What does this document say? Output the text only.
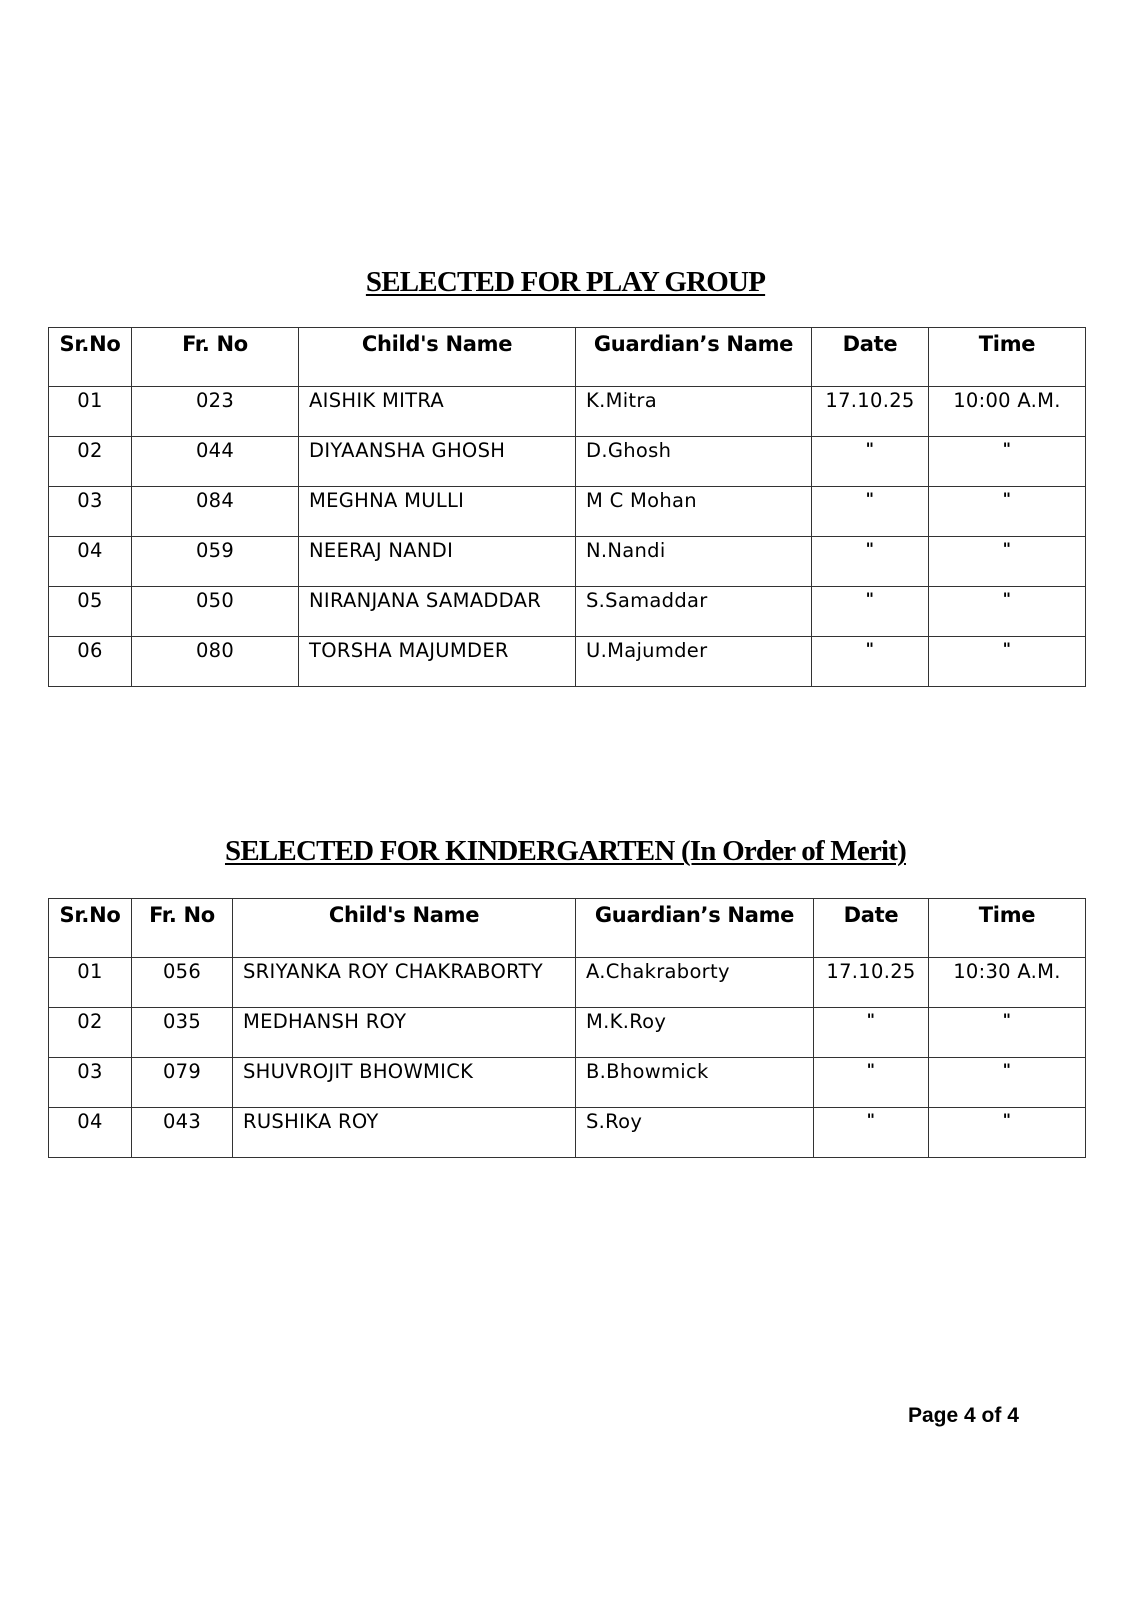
SELECTED FOR PLAY GROUP
Sr.No	Fr. No	Child's Name	Guardian’s Name	Date	Time
01	023	AISHIK MITRA	K.Mitra	17.10.25	10:00 A.M.
02	044	DIYAANSHA GHOSH	D.Ghosh	"	"
03	084	MEGHNA MULLI	M C Mohan	"	"
04	059	NEERAJ NANDI	N.Nandi	"	"
05	050	NIRANJANA SAMADDAR	S.Samaddar	"	"
06	080	TORSHA MAJUMDER	U.Majumder	"	"
SELECTED FOR KINDERGARTEN (In Order of Merit)
Sr.No	Fr. No	Child's Name	Guardian’s Name	Date	Time
01	056	SRIYANKA ROY CHAKRABORTY	A.Chakraborty	17.10.25	10:30 A.M.
02	035	MEDHANSH ROY	M.K.Roy	"	"
03	079	SHUVROJIT BHOWMICK	B.Bhowmick	"	"
04	043	RUSHIKA ROY	S.Roy	"	"
Page 4 of 4
